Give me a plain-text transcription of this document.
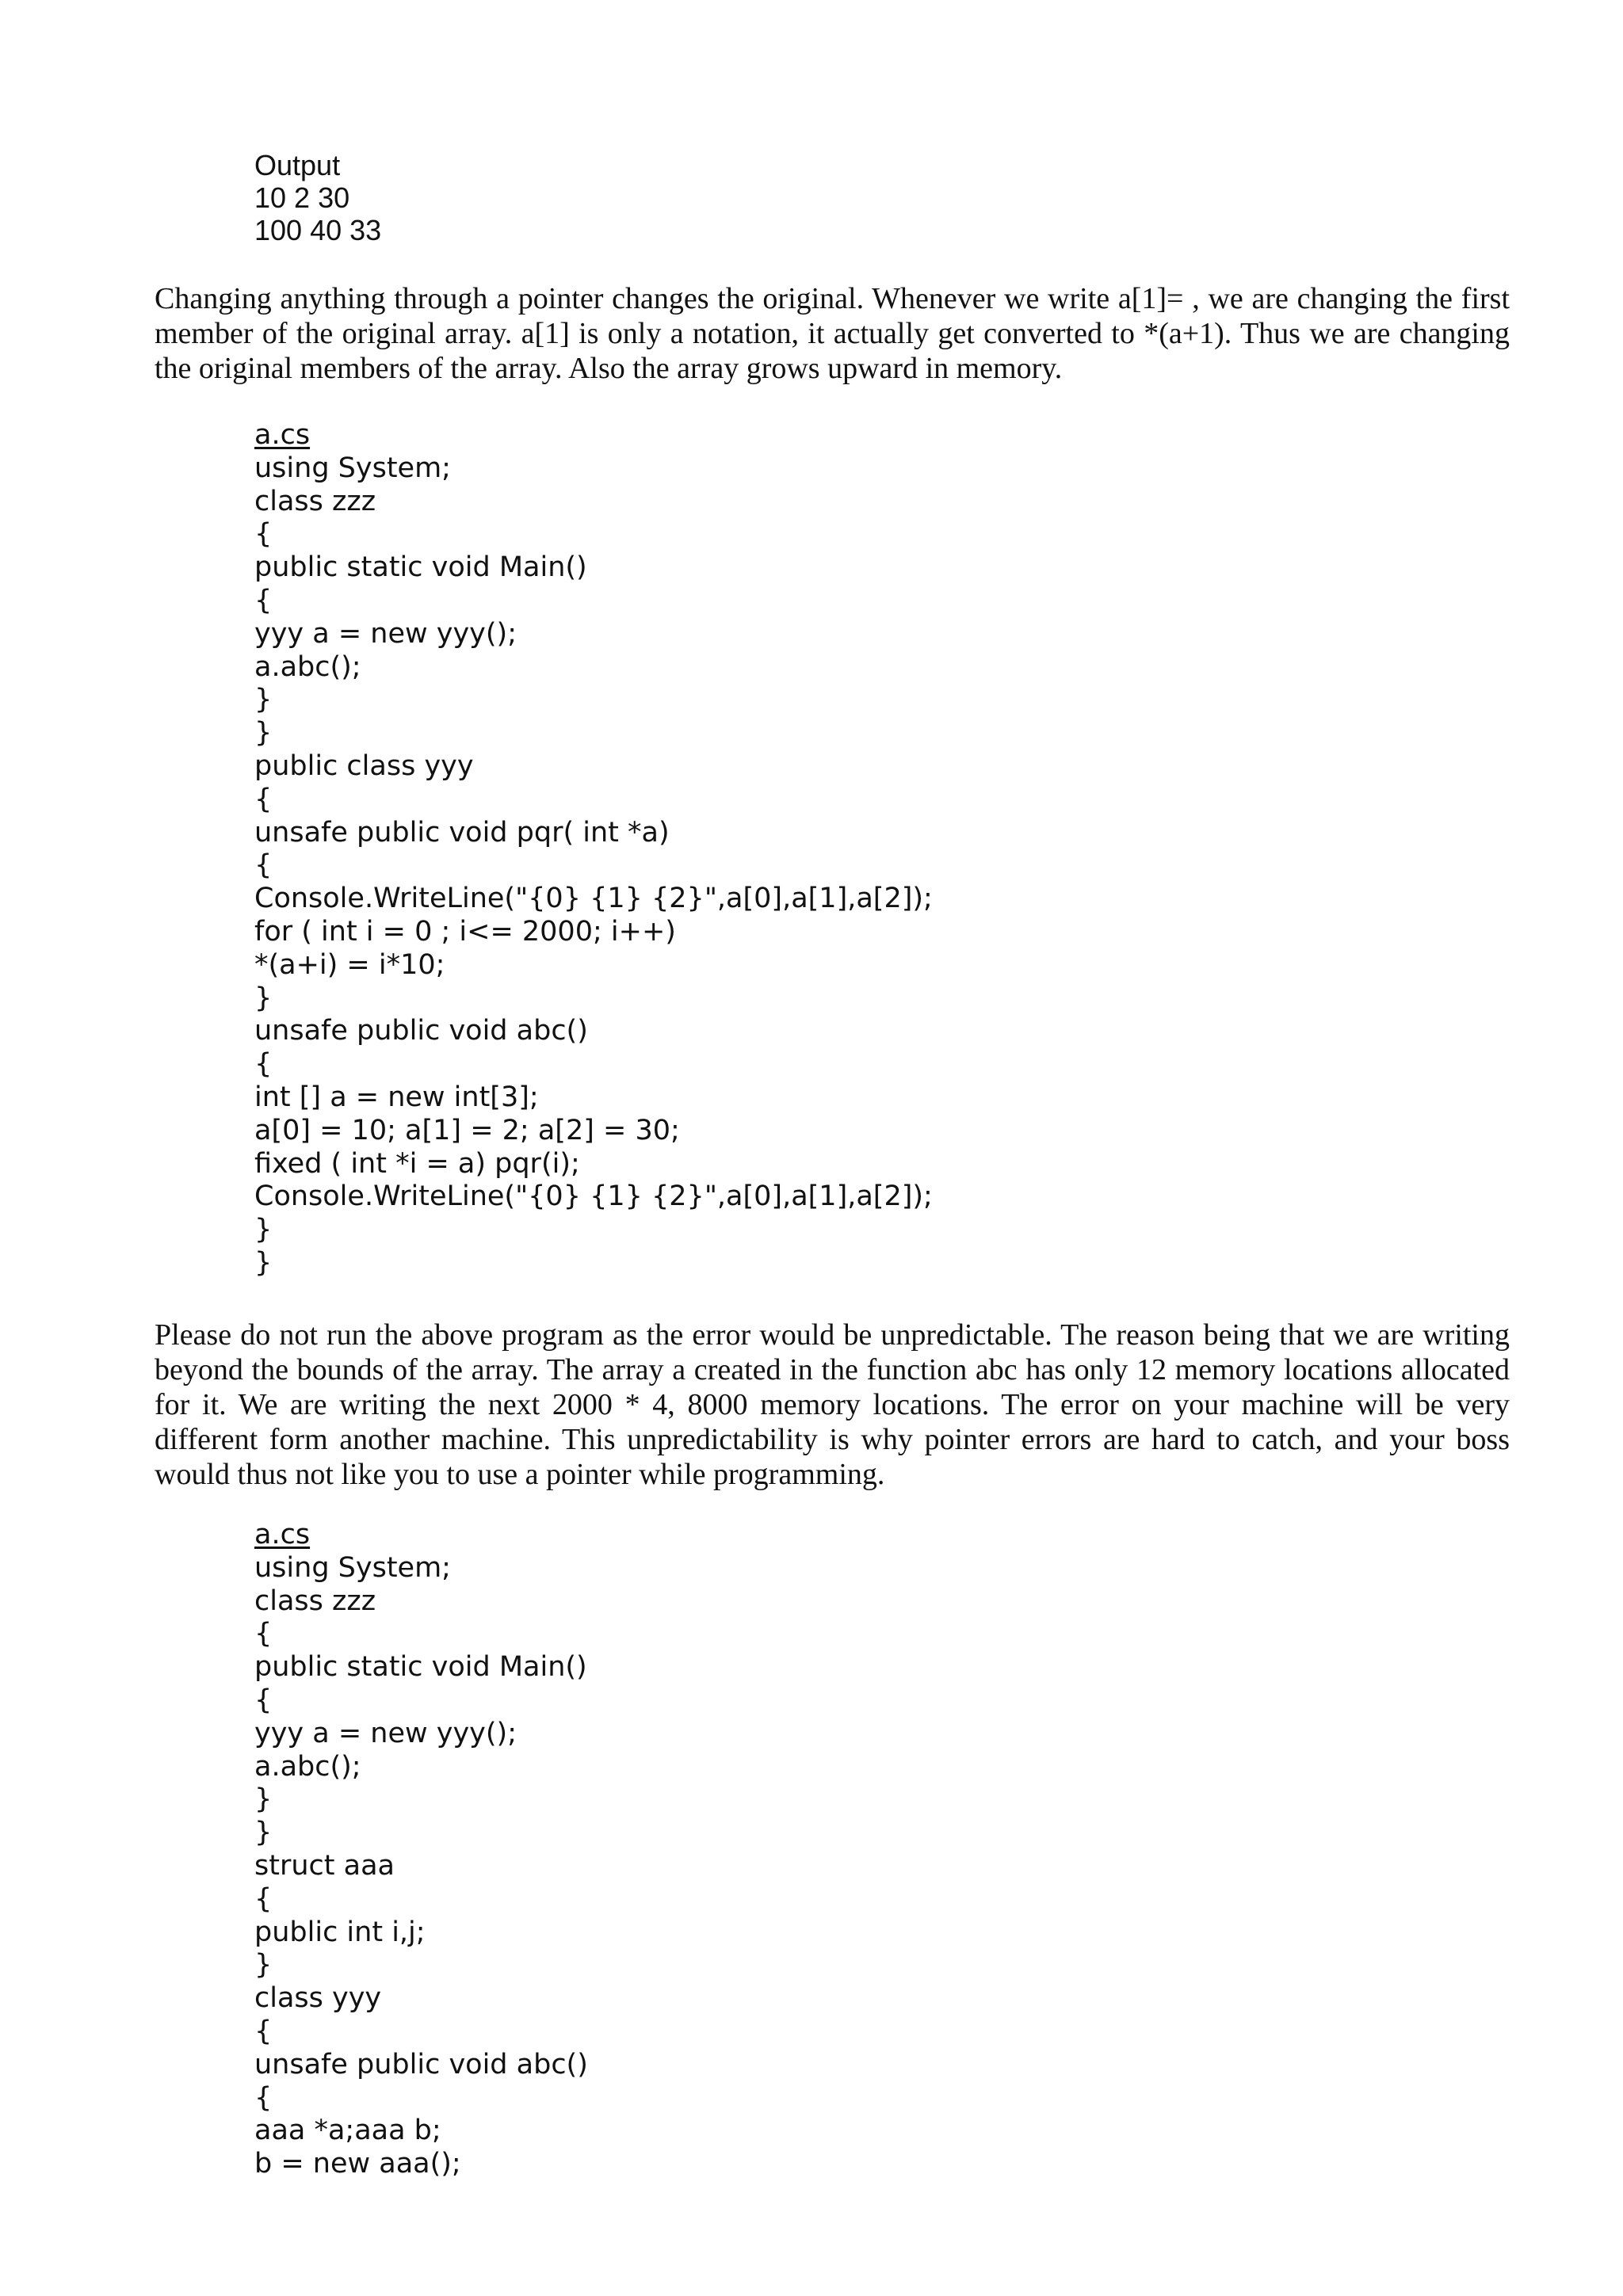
Output
10 2 30
100 40 33

Changing anything through a pointer changes the original. Whenever we write a[1]= , we are changing the first member of the original array. a[1] is only a notation, it actually get converted to *(a+1). Thus we are changing the original members of the array. Also the array grows upward in memory.

a.cs
using System;
class zzz
{
public static void Main()
{
yyy a = new yyy();
a.abc();
}
}
public class yyy
{
unsafe public void pqr( int *a)
{
Console.WriteLine("{0} {1} {2}",a[0],a[1],a[2]);
for ( int i = 0 ; i<= 2000; i++)
*(a+i) = i*10;
}
unsafe public void abc()
{
int [] a = new int[3];
a[0] = 10; a[1] = 2; a[2] = 30;
fixed ( int *i = a) pqr(i);
Console.WriteLine("{0} {1} {2}",a[0],a[1],a[2]);
}
}

Please do not run the above program as the error would be unpredictable. The reason being that we are writing beyond the bounds of the array. The array a created in the function abc has only 12 memory locations allocated for it. We are writing the next 2000 * 4, 8000 memory locations. The error on your machine will be very different form another machine. This unpredictability is why pointer errors are hard to catch, and your boss would thus not like you to use a pointer while programming.

a.cs
using System;
class zzz
{
public static void Main()
{
yyy a = new yyy();
a.abc();
}
}
struct aaa
{
public int i,j;
}
class yyy
{
unsafe public void abc()
{
aaa *a;aaa b;
b = new aaa();
